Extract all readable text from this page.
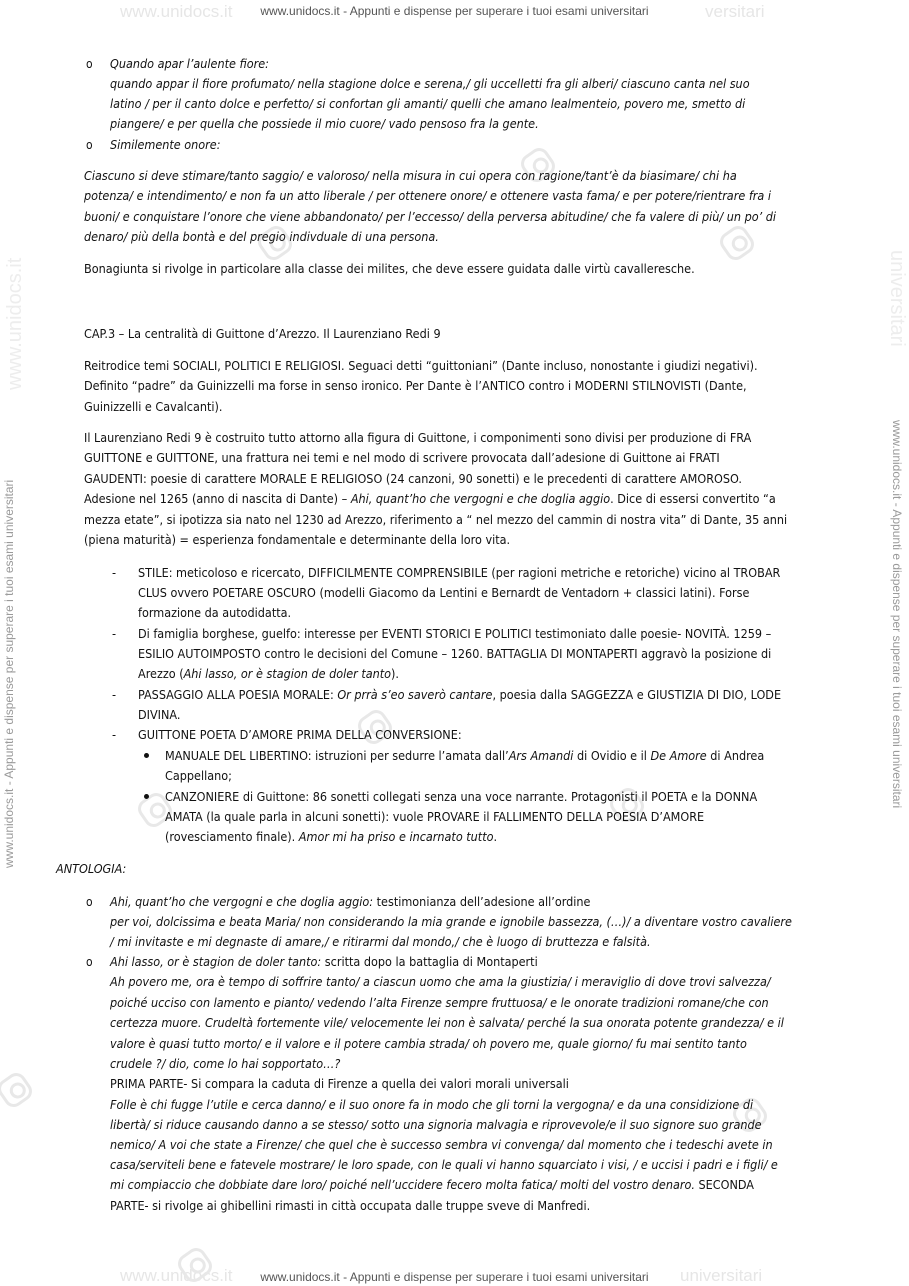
www.unidocs.it	versitari
www.unidocs.it - Appunti e dispense per superare i tuoi esami universitari
www.unidocs.it	universitari
www.unidocs.it - Appunti e dispense per superare i tuoi esami universitari
www.unidocs.it	universitari
www.unidocs.it - Appunti e dispense per superare i tuoi esami universitari	www.unidocs.it - Appunti e dispense per superare i tuoi esami universitari
o Quando apar l’aulente fiore:
quando appar il fiore profumato/ nella stagione dolce e serena,/ gli uccelletti fra gli alberi/ ciascuno canta nel suo
latino / per il canto dolce e perfetto/ si confortan gli amanti/ quelli che amano lealmenteio, povero me, smetto di
piangere/ e per quella che possiede il mio cuore/ vado pensoso fra la gente.
o Similemente onore:
Ciascuno si deve stimare/tanto saggio/ e valoroso/ nella misura in cui opera con ragione/tant’è da biasimare/ chi ha
potenza/ e intendimento/ e non fa un atto liberale / per ottenere onore/ e ottenere vasta fama/ e per potere/rientrare fra i
buoni/ e conquistare l’onore che viene abbandonato/ per l’eccesso/ della perversa abitudine/ che fa valere di più/ un po’ di
denaro/ più della bontà e del pregio indivduale di una persona.
Bonagiunta si rivolge in particolare alla classe dei milites, che deve essere guidata dalle virtù cavalleresche.
CAP.3 – La centralità di Guittone d’Arezzo. Il Laurenziano Redi 9
Reitrodice temi SOCIALI, POLITICI E RELIGIOSI. Seguaci detti “guittoniani” (Dante incluso, nonostante i giudizi negativi).
Definito “padre” da Guinizzelli ma forse in senso ironico. Per Dante è l’ANTICO contro i MODERNI STILNOVISTI (Dante,
Guinizzelli e Cavalcanti).
Il Laurenziano Redi 9 è costruito tutto attorno alla figura di Guittone, i componimenti sono divisi per produzione di FRA
GUITTONE e GUITTONE, una frattura nei temi e nel modo di scrivere provocata dall’adesione di Guittone ai FRATI
GAUDENTI: poesie di carattere MORALE E RELIGIOSO (24 canzoni, 90 sonetti) e le precedenti di carattere AMOROSO.
Adesione nel 1265 (anno di nascita di Dante) – Ahi, quant’ho che vergogni e che doglia aggio. Dice di essersi convertito “a
mezza etate”, si ipotizza sia nato nel 1230 ad Arezzo, riferimento a “ nel mezzo del cammin di nostra vita” di Dante, 35 anni
(piena maturità) = esperienza fondamentale e determinante della loro vita.
- STILE: meticoloso e ricercato, DIFFICILMENTE COMPRENSIBILE (per ragioni metriche e retoriche) vicino al TROBAR
CLUS ovvero POETARE OSCURO (modelli Giacomo da Lentini e Bernardt de Ventadorn + classici latini). Forse
formazione da autodidatta.
- Di famiglia borghese, guelfo: interesse per EVENTI STORICI E POLITICI testimoniato dalle poesie- NOVITÀ. 1259 –
ESILIO AUTOIMPOSTO contro le decisioni del Comune – 1260. BATTAGLIA DI MONTAPERTI aggravò la posizione di
Arezzo (Ahi lasso, or è stagion de doler tanto).
- PASSAGGIO ALLA POESIA MORALE: Or prrà s’eo saverò cantare, poesia dalla SAGGEZZA e GIUSTIZIA DI DIO, LODE
DIVINA.
- GUITTONE POETA D’AMORE PRIMA DELLA CONVERSIONE:
MANUALE DEL LIBERTINO: istruzioni per sedurre l’amata dall’Ars Amandi di Ovidio e il De Amore di Andrea
Cappellano;
CANZONIERE di Guittone: 86 sonetti collegati senza una voce narrante. Protagonisti il POETA e la DONNA
AMATA (la quale parla in alcuni sonetti): vuole PROVARE il FALLIMENTO DELLA POESIA D’AMORE
(rovesciamento finale). Amor mi ha priso e incarnato tutto.
ANTOLOGIA:
o Ahi, quant’ho che vergogni e che doglia aggio: testimonianza dell’adesione all’ordine
per voi, dolcissima e beata Maria/ non considerando la mia grande e ignobile bassezza, (…)/ a diventare vostro cavaliere
/ mi invitaste e mi degnaste di amare,/ e ritirarmi dal mondo,/ che è luogo di bruttezza e falsità.
o Ahi lasso, or è stagion de doler tanto: scritta dopo la battaglia di Montaperti
Ah povero me, ora è tempo di soffrire tanto/ a ciascun uomo che ama la giustizia/ i meraviglio di dove trovi salvezza/
poiché ucciso con lamento e pianto/ vedendo l’alta Firenze sempre fruttuosa/ e le onorate tradizioni romane/che con
certezza muore. Crudeltà fortemente vile/ velocemente lei non è salvata/ perché la sua onorata potente grandezza/ e il
valore è quasi tutto morto/ e il valore e il potere cambia strada/ oh povero me, quale giorno/ fu mai sentito tanto
crudele ?/ dio, come lo hai sopportato…?
PRIMA PARTE- Si compara la caduta di Firenze a quella dei valori morali universali
Folle è chi fugge l’utile e cerca danno/ e il suo onore fa in modo che gli torni la vergogna/ e da una considizione di
libertà/ si riduce causando danno a se stesso/ sotto una signoria malvagia e riprovevole/e il suo signore suo grande
nemico/ A voi che state a Firenze/ che quel che è successo sembra vi convenga/ dal momento che i tedeschi avete in
casa/serviteli bene e fatevele mostrare/ le loro spade, con le quali vi hanno squarciato i visi, / e uccisi i padri e i figli/ e
mi compiaccio che dobbiate dare loro/ poiché nell’uccidere fecero molta fatica/ molti del vostro denaro. SECONDA
PARTE- si rivolge ai ghibellini rimasti in città occupata dalle truppe sveve di Manfredi.
